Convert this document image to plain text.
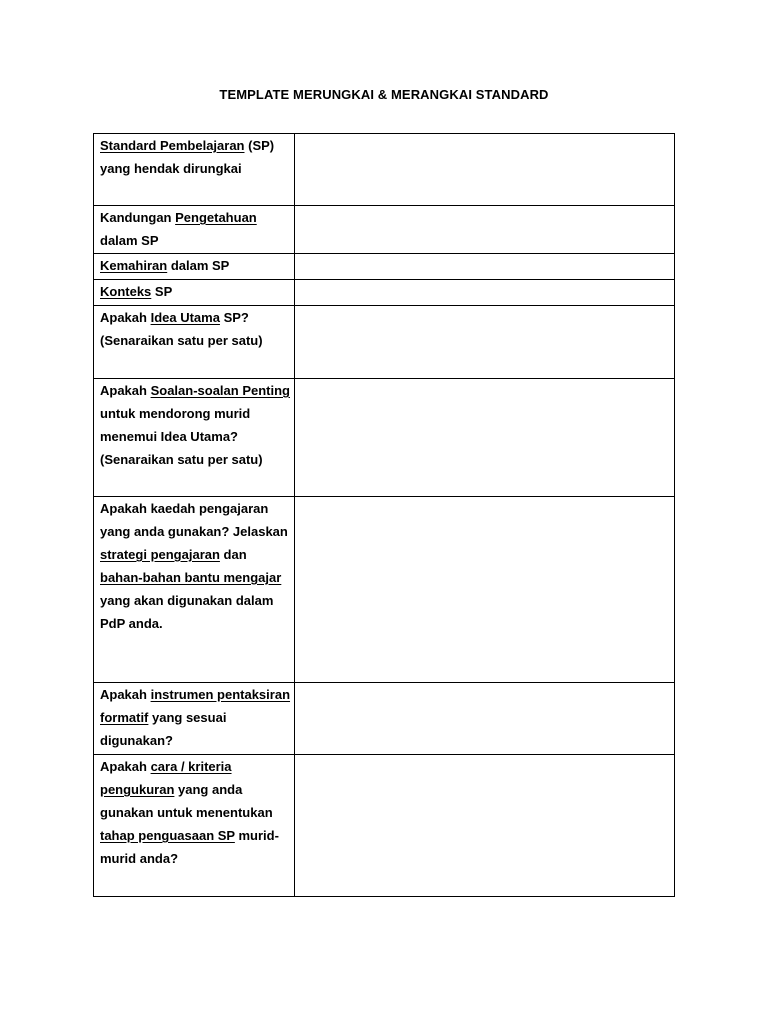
TEMPLATE MERUNGKAI & MERANGKAI STANDARD
Standard Pembelajaran (SP) yang hendak dirungkai	
Kandungan Pengetahuan dalam SP	
Kemahiran dalam SP	
Konteks SP	
Apakah Idea Utama SP? (Senaraikan satu per satu)	
Apakah Soalan-soalan Penting untuk mendorong murid menemui Idea Utama? (Senaraikan satu per satu)	
Apakah kaedah pengajaran yang anda gunakan? Jelaskan strategi pengajaran dan bahan-bahan bantu mengajar yang akan digunakan dalam PdP anda.	
Apakah instrumen pentaksiran formatif yang sesuai digunakan?	
Apakah cara / kriteria pengukuran yang anda gunakan untuk menentukan tahap penguasaan SP murid-murid anda?	
